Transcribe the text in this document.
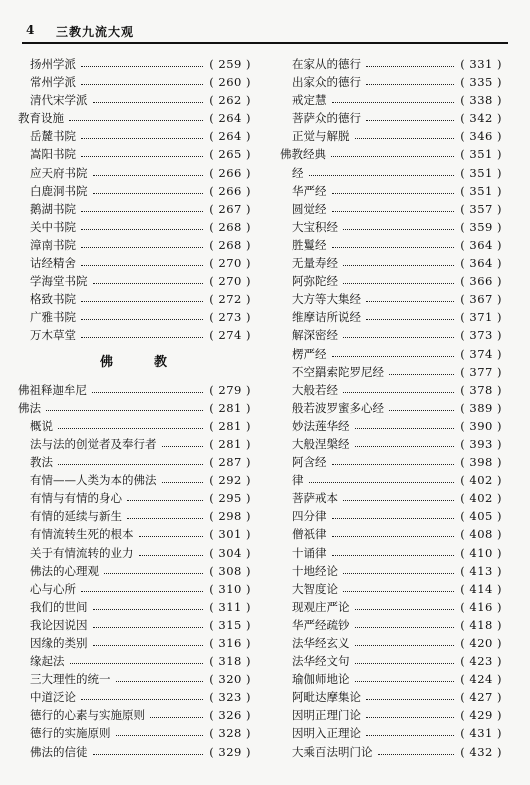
4 三教九流大观
扬州学派	( 259 )
常州学派	( 260 )
清代宋学派	( 262 )
教育设施	( 264 )
岳麓书院	( 264 )
嵩阳书院	( 265 )
应天府书院	( 266 )
白鹿洞书院	( 266 )
鹅湖书院	( 267 )
关中书院	( 268 )
漳南书院	( 268 )
诂经精舍	( 270 )
学海堂书院	( 270 )
格致书院	( 272 )
广雅书院	( 273 )
万木草堂	( 274 )
佛　教
佛祖释迦牟尼	( 279 )
佛法	( 281 )
概说	( 281 )
法与法的创觉者及奉行者	( 281 )
教法	( 287 )
有情——人类为本的佛法	( 292 )
有情与有情的身心	( 295 )
有情的延续与新生	( 298 )
有情流转生死的根本	( 301 )
关于有情流转的业力	( 304 )
佛法的心理观	( 308 )
心与心所	( 310 )
我们的世间	( 311 )
我论因说因	( 315 )
因缘的类别	( 316 )
缘起法	( 318 )
三大理性的统一	( 320 )
中道泛论	( 323 )
德行的心素与实施原则	( 326 )
德行的实施原则	( 328 )
佛法的信徒	( 329 )
在家从的德行	( 331 )
出家众的德行	( 335 )
戒定慧	( 338 )
菩萨众的德行	( 342 )
正觉与解脱	( 346 )
佛教经典	( 351 )
经	( 351 )
华严经	( 351 )
圆觉经	( 357 )
大宝积经	( 359 )
胜鬘经	( 364 )
无量寿经	( 364 )
阿弥陀经	( 366 )
大方等大集经	( 367 )
维摩诘所说经	( 371 )
解深密经	( 373 )
楞严经	( 374 )
不空羂索陀罗尼经	( 377 )
大般若经	( 378 )
般若波罗蜜多心经	( 389 )
妙法莲华经	( 390 )
大般涅槃经	( 393 )
阿含经	( 398 )
律	( 402 )
菩萨戒本	( 402 )
四分律	( 405 )
僧祇律	( 408 )
十诵律	( 410 )
十地经论	( 413 )
大智度论	( 414 )
现观庄严论	( 416 )
华严经疏钞	( 418 )
法华经玄义	( 420 )
法华经文句	( 423 )
瑜伽师地论	( 424 )
阿毗达摩集论	( 427 )
因明正理门论	( 429 )
因明入正理论	( 431 )
大乘百法明门论	( 432 )
